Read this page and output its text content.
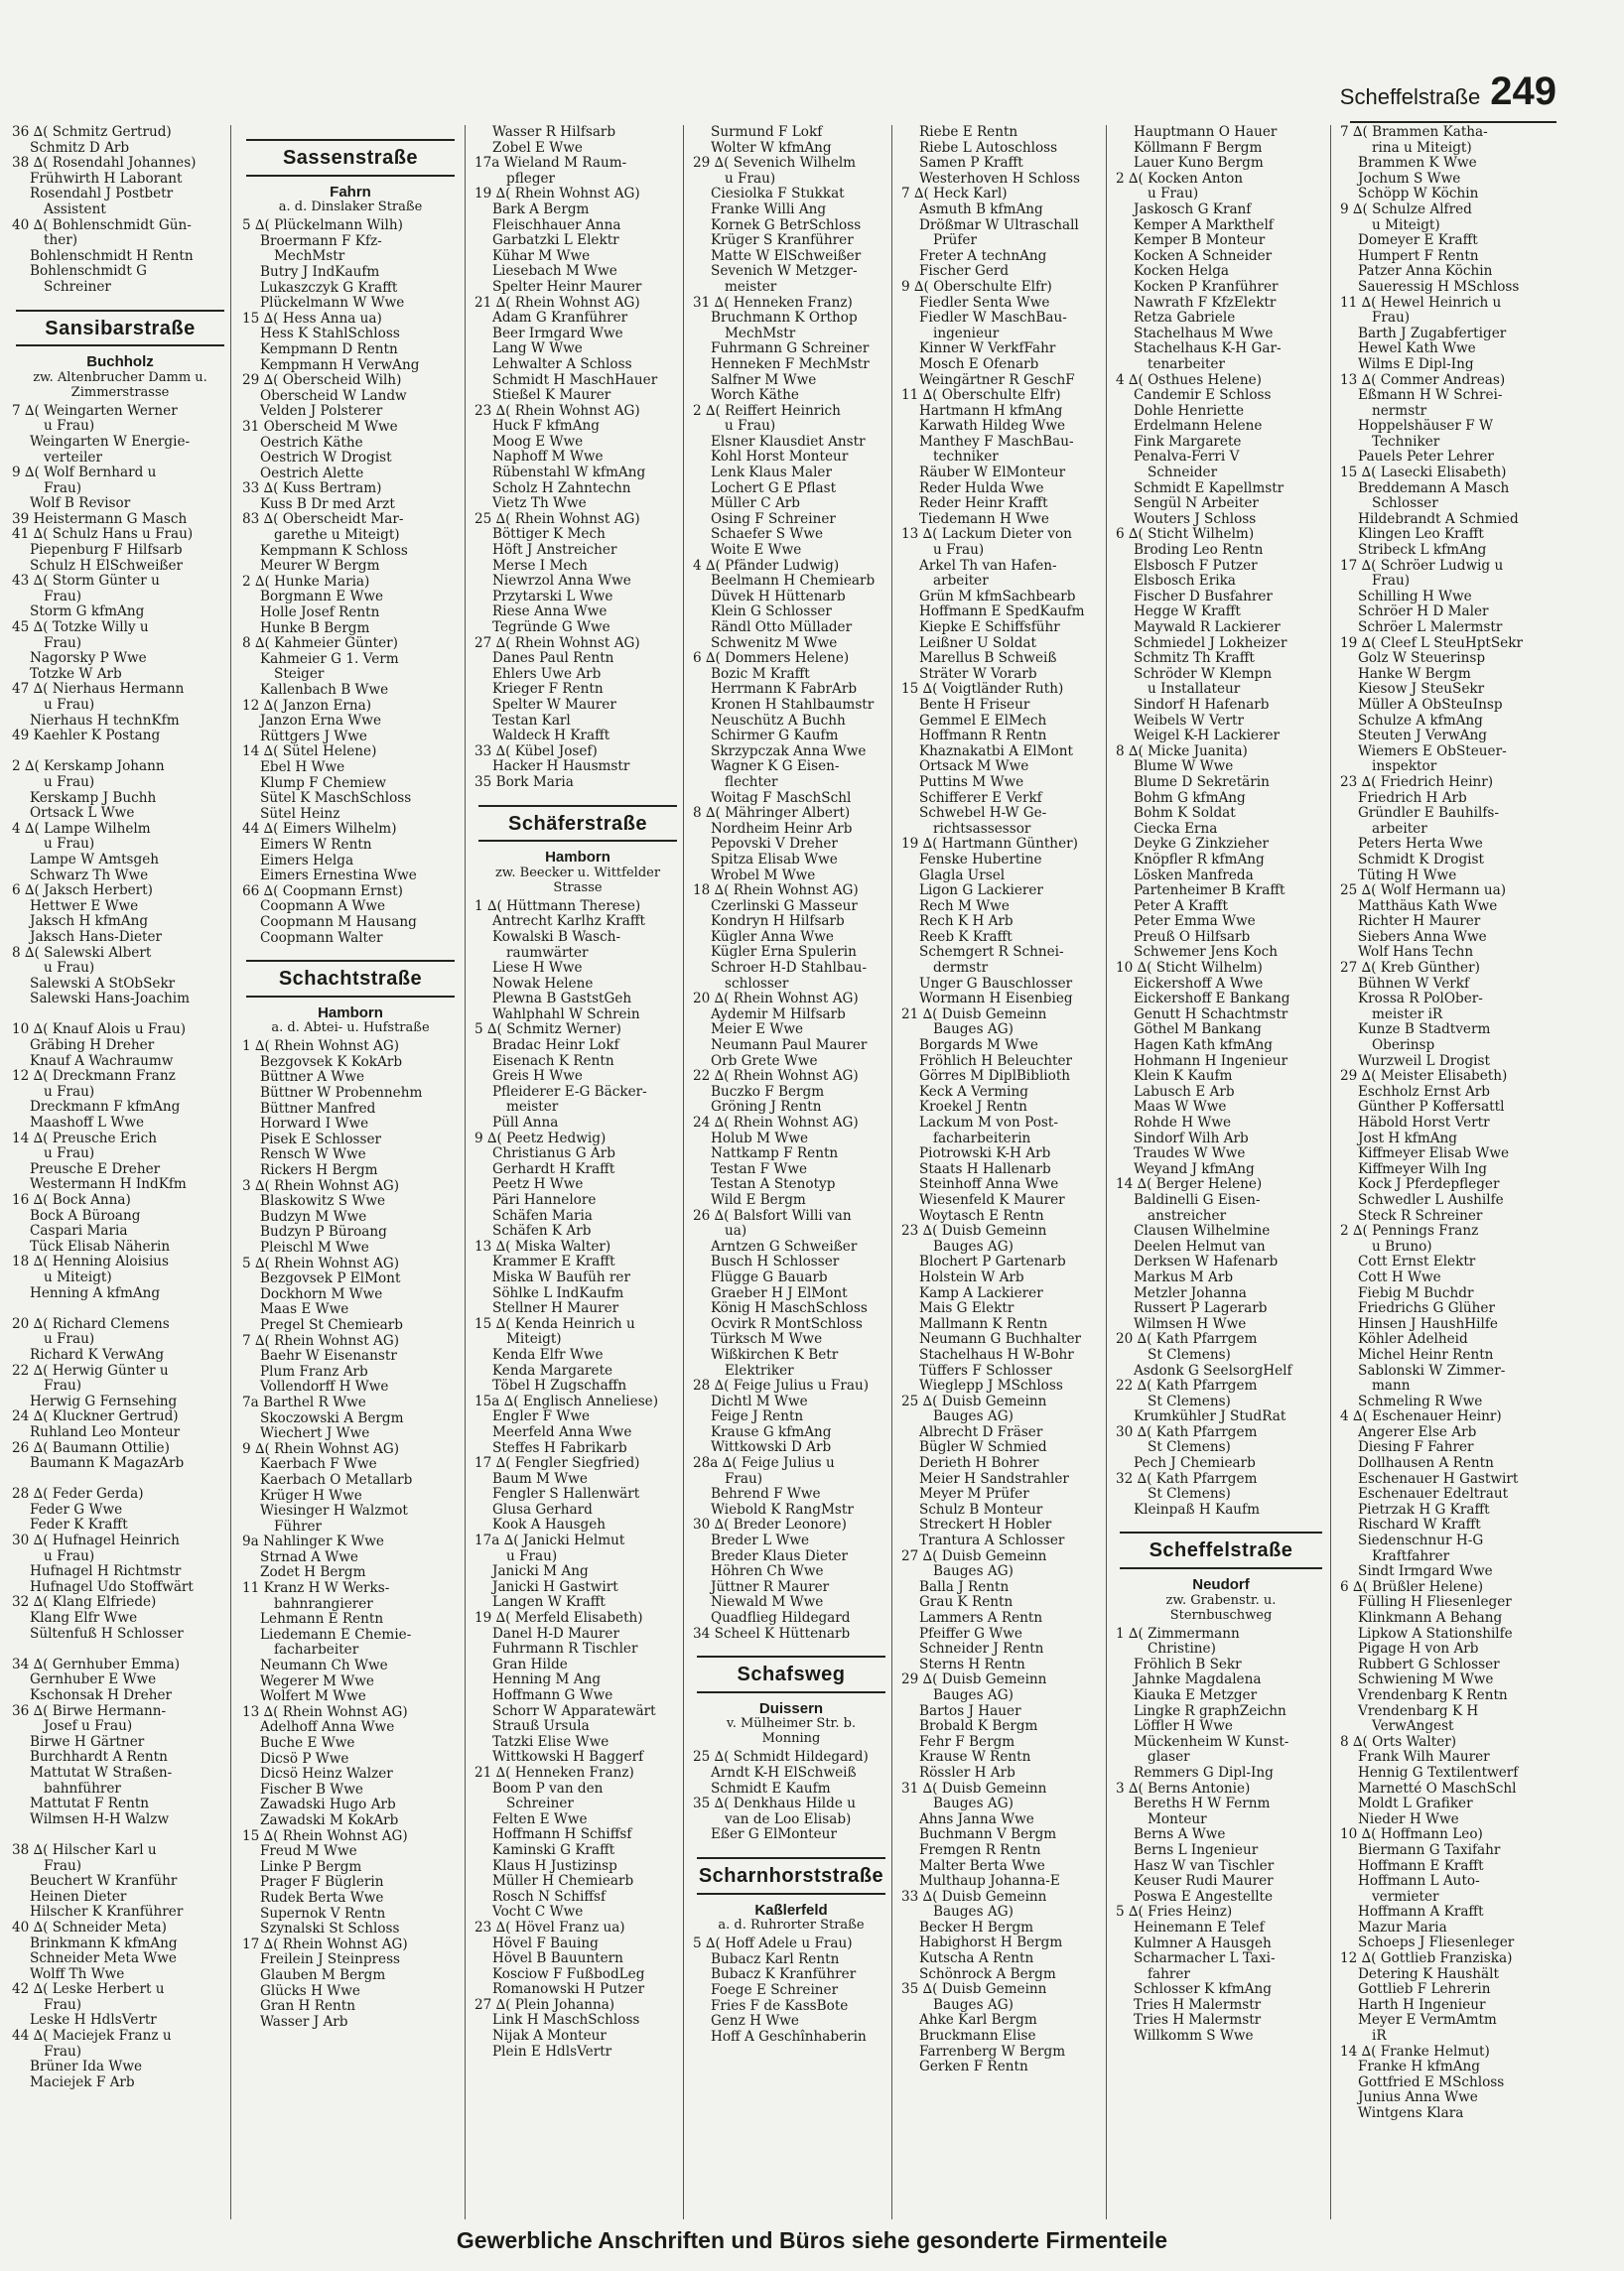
Scheffelstraße 249

36 ∆( Schmitz Gertrud)

Schmitz D Arb

38 ∆( Rosendahl Johannes)

Frühwirth H Laborant

Rosendahl J Postbetr

Assistent

40 ∆( Bohlenschmidt Gün-

ther)

Bohlenschmidt H Rentn

Bohlenschmidt G

Schreiner

Sansibarstraße
Buchholz
zw. Altenbrucher Damm u.
Zimmerstrasse

7 ∆( Weingarten Werner

u Frau)

Weingarten W Energie-

verteiler

9 ∆( Wolf Bernhard u

Frau)

Wolf B Revisor

39 Heistermann G Masch

41 ∆( Schulz Hans u Frau)

Piepenburg F Hilfsarb

Schulz H ElSchweißer

43 ∆( Storm Günter u

Frau)

Storm G kfmAng

45 ∆( Totzke Willy u

Frau)

Nagorsky P Wwe

Totzke W Arb

47 ∆( Nierhaus Hermann

u Frau)

Nierhaus H technKfm

49 Kaehler K Postang

2 ∆( Kerskamp Johann

u Frau)

Kerskamp J Buchh

Ortsack L Wwe

4 ∆( Lampe Wilhelm

u Frau)

Lampe W Amtsgeh

Schwarz Th Wwe

6 ∆( Jaksch Herbert)

Hettwer E Wwe

Jaksch H kfmAng

Jaksch Hans-Dieter

8 ∆( Salewski Albert

u Frau)

Salewski A StObSekr

Salewski Hans-Joachim

10 ∆( Knauf Alois u Frau)

Gräbing H Dreher

Knauf A Wachraumw

12 ∆( Dreckmann Franz

u Frau)

Dreckmann F kfmAng

Maashoff L Wwe

14 ∆( Preusche Erich

u Frau)

Preusche E Dreher

Westermann H IndKfm

16 ∆( Bock Anna)

Bock A Büroang

Caspari Maria

Tück Elisab Näherin

18 ∆( Henning Aloisius

u Miteigt)

Henning A kfmAng

20 ∆( Richard Clemens

u Frau)

Richard K VerwAng

22 ∆( Herwig Günter u

Frau)

Herwig G Fernsehing

24 ∆( Kluckner Gertrud)

Ruhland Leo Monteur

26 ∆( Baumann Ottilie)

Baumann K MagazArb

28 ∆( Feder Gerda)

Feder G Wwe

Feder K Krafft

30 ∆( Hufnagel Heinrich

u Frau)

Hufnagel H Richtmstr

Hufnagel Udo Stoffwärt

32 ∆( Klang Elfriede)

Klang Elfr Wwe

Sültenfuß H Schlosser

34 ∆( Gernhuber Emma)

Gernhuber E Wwe

Kschonsak H Dreher

36 ∆( Birwe Hermann-

Josef u Frau)

Birwe H Gärtner

Burchhardt A Rentn

Mattutat W Straßen-

bahnführer

Mattutat F Rentn

Wilmsen H-H Walzw

38 ∆( Hilscher Karl u

Frau)

Beuchert W Kranführ

Heinen Dieter

Hilscher K Kranführer

40 ∆( Schneider Meta)

Brinkmann K kfmAng

Schneider Meta Wwe

Wolff Th Wwe

42 ∆( Leske Herbert u

Frau)

Leske H HdlsVertr

44 ∆( Maciejek Franz u

Frau)

Brüner Ida Wwe

Maciejek F Arb

Sassenstraße
Fahrn
a. d. Dinslaker Straße

5 ∆( Plückelmann Wilh)

Broermann F Kfz-

MechMstr

Butry J IndKaufm

Lukaszczyk G Krafft

Plückelmann W Wwe

15 ∆( Hess Anna ua)

Hess K StahlSchloss

Kempmann D Rentn

Kempmann H VerwAng

29 ∆( Oberscheid Wilh)

Oberscheid W Landw

Velden J Polsterer

31 Oberscheid M Wwe

Oestrich Käthe

Oestrich W Drogist

Oestrich Alette

33 ∆( Kuss Bertram)

Kuss B Dr med Arzt

83 ∆( Oberscheidt Mar-

garethe u Miteigt)

Kempmann K Schloss

Meurer W Bergm

2 ∆( Hunke Maria)

Borgmann E Wwe

Holle Josef Rentn

Hunke B Bergm

8 ∆( Kahmeier Günter)

Kahmeier G 1. Verm

Steiger

Kallenbach B Wwe

12 ∆( Janzon Erna)

Janzon Erna Wwe

Rüttgers J Wwe

14 ∆( Sütel Helene)

Ebel H Wwe

Klump F Chemiew

Sütel K MaschSchloss

Sütel Heinz

44 ∆( Eimers Wilhelm)

Eimers W Rentn

Eimers Helga

Eimers Ernestina Wwe

66 ∆( Coopmann Ernst)

Coopmann A Wwe

Coopmann M Hausang

Coopmann Walter

Schachtstraße
Hamborn
a. d. Abtei- u. Hufstraße

1 ∆( Rhein Wohnst AG)

Bezgovsek K KokArb

Büttner A Wwe

Büttner W Probennehm

Büttner Manfred

Horward I Wwe

Pisek E Schlosser

Rensch W Wwe

Rickers H Bergm

3 ∆( Rhein Wohnst AG)

Blaskowitz S Wwe

Budzyn M Wwe

Budzyn P Büroang

Pleischl M Wwe

5 ∆( Rhein Wohnst AG)

Bezgovsek P ElMont

Dockhorn M Wwe

Maas E Wwe

Pregel St Chemiearb

7 ∆( Rhein Wohnst AG)

Baehr W Eisenanstr

Plum Franz Arb

Vollendorff H Wwe

7a Barthel R Wwe

Skoczowski A Bergm

Wiechert J Wwe

9 ∆( Rhein Wohnst AG)

Kaerbach F Wwe

Kaerbach O Metallarb

Krüger H Wwe

Wiesinger H Walzmot

Führer

9a Nahlinger K Wwe

Strnad A Wwe

Zodet H Bergm

11 Kranz H W Werks-

bahnrangierer

Lehmann E Rentn

Liedemann E Chemie-

facharbeiter

Neumann Ch Wwe

Wegerer M Wwe

Wolfert M Wwe

13 ∆( Rhein Wohnst AG)

Adelhoff Anna Wwe

Buche E Wwe

Dicsö P Wwe

Dicsö Heinz Walzer

Fischer B Wwe

Zawadski Hugo Arb

Zawadski M KokArb

15 ∆( Rhein Wohnst AG)

Freud M Wwe

Linke P Bergm

Prager F Büglerin

Rudek Berta Wwe

Supernok V Rentn

Szynalski St Schloss

17 ∆( Rhein Wohnst AG)

Freilein J Steinpress

Glauben M Bergm

Glücks H Wwe

Gran H Rentn

Wasser J Arb

Wasser R Hilfsarb

Zobel E Wwe

17a Wieland M Raum-

pfleger

19 ∆( Rhein Wohnst AG)

Bark A Bergm

Fleischhauer Anna

Garbatzki L Elektr

Kühar M Wwe

Liesebach M Wwe

Spelter Heinr Maurer

21 ∆( Rhein Wohnst AG)

Adam G Kranführer

Beer Irmgard Wwe

Lang W Wwe

Lehwalter A Schloss

Schmidt H MaschHauer

Stießel K Maurer

23 ∆( Rhein Wohnst AG)

Huck F kfmAng

Moog E Wwe

Naphoff M Wwe

Rübenstahl W kfmAng

Scholz H Zahntechn

Vietz Th Wwe

25 ∆( Rhein Wohnst AG)

Böttiger K Mech

Höft J Anstreicher

Merse I Mech

Niewrzol Anna Wwe

Przytarski L Wwe

Riese Anna Wwe

Tegründe G Wwe

27 ∆( Rhein Wohnst AG)

Danes Paul Rentn

Ehlers Uwe Arb

Krieger F Rentn

Spelter W Maurer

Testan Karl

Waldeck H Krafft

33 ∆( Kübel Josef)

Hacker H Hausmstr

35 Bork Maria

Schäferstraße
Hamborn
zw. Beecker u. Wittfelder
Strasse

1 ∆( Hüttmann Therese)

Antrecht Karlhz Krafft

Kowalski B Wasch-

raumwärter

Liese H Wwe

Nowak Helene

Plewna B GaststGeh

Wahlphahl W Schrein

5 ∆( Schmitz Werner)

Bradac Heinr Lokf

Eisenach K Rentn

Greis H Wwe

Pfleiderer E-G Bäcker-

meister

Püll Anna

9 ∆( Peetz Hedwig)

Christianus G Arb

Gerhardt H Krafft

Peetz H Wwe

Päri Hannelore

Schäfen Maria

Schäfen K Arb

13 ∆( Miska Walter)

Krammer E Krafft

Miska W Baufüh rer

Söhlke L IndKaufm

Stellner H Maurer

15 ∆( Kenda Heinrich u

Miteigt)

Kenda Elfr Wwe

Kenda Margarete

Töbel H Zugschaffn

15a ∆( Englisch Anneliese)

Engler F Wwe

Meerfeld Anna Wwe

Steffes H Fabrikarb

17 ∆( Fengler Siegfried)

Baum M Wwe

Fengler S Hallenwärt

Glusa Gerhard

Kook A Hausgeh

17a ∆( Janicki Helmut

u Frau)

Janicki M Ang

Janicki H Gastwirt

Langen W Krafft

19 ∆( Merfeld Elisabeth)

Danel H-D Maurer

Fuhrmann R Tischler

Gran Hilde

Henning M Ang

Hoffmann G Wwe

Schorr W Apparatewärt

Strauß Ursula

Tatzki Elise Wwe

Wittkowski H Baggerf

21 ∆( Henneken Franz)

Boom P van den

Schreiner

Felten E Wwe

Hoffmann H Schiffsf

Kaminski G Krafft

Klaus H Justizinsp

Müller H Chemiearb

Rosch N Schiffsf

Vocht C Wwe

23 ∆( Hövel Franz ua)

Hövel F Bauing

Hövel B Bauuntern

Kosciow F FußbodLeg

Romanowski H Putzer

27 ∆( Plein Johanna)

Link H MaschSchloss

Nijak A Monteur

Plein E HdlsVertr

Surmund F Lokf

Wolter W kfmAng

29 ∆( Sevenich Wilhelm

u Frau)

Ciesiolka F Stukkat

Franke Willi Ang

Kornek G BetrSchloss

Krüger S Kranführer

Matte W ElSchweißer

Sevenich W Metzger-

meister

31 ∆( Henneken Franz)

Bruchmann K Orthop

MechMstr

Fuhrmann G Schreiner

Henneken F MechMstr

Salfner M Wwe

Worch Käthe

2 ∆( Reiffert Heinrich

u Frau)

Elsner Klausdiet Anstr

Kohl Horst Monteur

Lenk Klaus Maler

Lochert G E Pflast

Müller C Arb

Osing F Schreiner

Schaefer S Wwe

Woite E Wwe

4 ∆( Pfänder Ludwig)

Beelmann H Chemiearb

Düvek H Hüttenarb

Klein G Schlosser

Rändl Otto Müllader

Schwenitz M Wwe

6 ∆( Dommers Helene)

Bozic M Krafft

Herrmann K FabrArb

Kronen H Stahlbaumstr

Neuschütz A Buchh

Schirmer G Kaufm

Skrzypczak Anna Wwe

Wagner K G Eisen-

flechter

Woitag F MaschSchl

8 ∆( Mähringer Albert)

Nordheim Heinr Arb

Pepovski V Dreher

Spitza Elisab Wwe

Wrobel M Wwe

18 ∆( Rhein Wohnst AG)

Czerlinski G Masseur

Kondryn H Hilfsarb

Kügler Anna Wwe

Kügler Erna Spulerin

Schroer H-D Stahlbau-

schlosser

20 ∆( Rhein Wohnst AG)

Aydemir M Hilfsarb

Meier E Wwe

Neumann Paul Maurer

Orb Grete Wwe

22 ∆( Rhein Wohnst AG)

Buczko F Bergm

Gröning J Rentn

24 ∆( Rhein Wohnst AG)

Holub M Wwe

Nattkamp F Rentn

Testan F Wwe

Testan A Stenotyp

Wild E Bergm

26 ∆( Balsfort Willi van

ua)

Arntzen G Schweißer

Busch H Schlosser

Flügge G Bauarb

Graeber H J ElMont

König H MaschSchloss

Ocvirk R MontSchloss

Türksch M Wwe

Wißkirchen K Betr

Elektriker

28 ∆( Feige Julius u Frau)

Dichtl M Wwe

Feige J Rentn

Krause G kfmAng

Wittkowski D Arb

28a ∆( Feige Julius u

Frau)

Behrend F Wwe

Wiebold K RangMstr

30 ∆( Breder Leonore)

Breder L Wwe

Breder Klaus Dieter

Höhren Ch Wwe

Jüttner R Maurer

Niewald M Wwe

Quadflieg Hildegard

34 Scheel K Hüttenarb

Schafsweg
Duissern
v. Mülheimer Str. b.
Monning

25 ∆( Schmidt Hildegard)

Arndt K-H ElSchweiß

Schmidt E Kaufm

35 ∆( Denkhaus Hilde u

van de Loo Elisab)

Eßer G ElMonteur

Scharnhorststraße
Kaßlerfeld
a. d. Ruhrorter Straße

5 ∆( Hoff Adele u Frau)

Bubacz Karl Rentn

Bubacz K Kranführer

Foege E Schreiner

Fries F de KassBote

Genz H Wwe

Hoff A Geschînhaberin

Riebe E Rentn

Riebe L Autoschloss

Samen P Krafft

Westerhoven H Schloss

7 ∆( Heck Karl)

Asmuth B kfmAng

Drößmar W Ultraschall

Prüfer

Freter A technAng

Fischer Gerd

9 ∆( Oberschulte Elfr)

Fiedler Senta Wwe

Fiedler W MaschBau-

ingenieur

Kinner W VerkfFahr

Mosch E Ofenarb

Weingärtner R GeschF

11 ∆( Oberschulte Elfr)

Hartmann H kfmAng

Karwath Hildeg Wwe

Manthey F MaschBau-

techniker

Räuber W ElMonteur

Reder Hulda Wwe

Reder Heinr Krafft

Tiedemann H Wwe

13 ∆( Lackum Dieter von

u Frau)

Arkel Th van Hafen-

arbeiter

Grün M kfmSachbearb

Hoffmann E SpedKaufm

Kiepke E Schiffsführ

Leißner U Soldat

Marellus B Schweiß

Sträter W Vorarb

15 ∆( Voigtländer Ruth)

Bente H Friseur

Gemmel E ElMech

Hoffmann R Rentn

Khaznakatbi A ElMont

Ortsack M Wwe

Puttins M Wwe

Schifferer E Verkf

Schwebel H-W Ge-

richtsassessor

19 ∆( Hartmann Günther)

Fenske Hubertine

Glagla Ursel

Ligon G Lackierer

Rech M Wwe

Rech K H Arb

Reeb K Krafft

Schemgert R Schnei-

dermstr

Unger G Bauschlosser

Wormann H Eisenbieg

21 ∆( Duisb Gemeinn

Bauges AG)

Borgards M Wwe

Fröhlich H Beleuchter

Görres M DiplBiblioth

Keck A Verming

Kroekel J Rentn

Lackum M von Post-

facharbeiterin

Piotrowski K-H Arb

Staats H Hallenarb

Steinhoff Anna Wwe

Wiesenfeld K Maurer

Woytasch E Rentn

23 ∆( Duisb Gemeinn

Bauges AG)

Blochert P Gartenarb

Holstein W Arb

Kamp A Lackierer

Mais G Elektr

Mallmann K Rentn

Neumann G Buchhalter

Stachelhaus H W-Bohr

Tüffers F Schlosser

Wieglepp J MSchloss

25 ∆( Duisb Gemeinn

Bauges AG)

Albrecht D Fräser

Bügler W Schmied

Derieth H Bohrer

Meier H Sandstrahler

Meyer M Prüfer

Schulz B Monteur

Streckert H Hobler

Trantura A Schlosser

27 ∆( Duisb Gemeinn

Bauges AG)

Balla J Rentn

Grau K Rentn

Lammers A Rentn

Pfeiffer G Wwe

Schneider J Rentn

Sterns H Rentn

29 ∆( Duisb Gemeinn

Bauges AG)

Bartos J Hauer

Brobald K Bergm

Fehr F Bergm

Krause W Rentn

Rössler H Arb

31 ∆( Duisb Gemeinn

Bauges AG)

Ahns Janna Wwe

Buchmann V Bergm

Fremgen R Rentn

Malter Berta Wwe

Multhaup Johanna-E

33 ∆( Duisb Gemeinn

Bauges AG)

Becker H Bergm

Habighorst H Bergm

Kutscha A Rentn

Schönrock A Bergm

35 ∆( Duisb Gemeinn

Bauges AG)

Ahke Karl Bergm

Bruckmann Elise

Farrenberg W Bergm

Gerken F Rentn

Hauptmann O Hauer

Köllmann F Bergm

Lauer Kuno Bergm

2 ∆( Kocken Anton

u Frau)

Jaskosch G Kranf

Kemper A Markthelf

Kemper B Monteur

Kocken A Schneider

Kocken Helga

Kocken P Kranführer

Nawrath F KfzElektr

Retza Gabriele

Stachelhaus M Wwe

Stachelhaus K-H Gar-

tenarbeiter

4 ∆( Osthues Helene)

Candemir E Schloss

Dohle Henriette

Erdelmann Helene

Fink Margarete

Penalva-Ferri V

Schneider

Schmidt E Kapellmstr

Sengül N Arbeiter

Wouters J Schloss

6 ∆( Sticht Wilhelm)

Broding Leo Rentn

Elsbosch F Putzer

Elsbosch Erika

Fischer D Busfahrer

Hegge W Krafft

Maywald R Lackierer

Schmiedel J Lokheizer

Schmitz Th Krafft

Schröder W Klempn

u Installateur

Sindorf H Hafenarb

Weibels W Vertr

Weigel K-H Lackierer

8 ∆( Micke Juanita)

Blume W Wwe

Blume D Sekretärin

Bohm G kfmAng

Bohm K Soldat

Ciecka Erna

Deyke G Zinkzieher

Knöpfler R kfmAng

Lösken Manfreda

Partenheimer B Krafft

Peter A Krafft

Peter Emma Wwe

Preuß O Hilfsarb

Schwemer Jens Koch

10 ∆( Sticht Wilhelm)

Eickershoff A Wwe

Eickershoff E Bankang

Genutt H Schachtmstr

Göthel M Bankang

Hagen Kath kfmAng

Hohmann H Ingenieur

Klein K Kaufm

Labusch E Arb

Maas W Wwe

Rohde H Wwe

Sindorf Wilh Arb

Traudes W Wwe

Weyand J kfmAng

14 ∆( Berger Helene)

Baldinelli G Eisen-

anstreicher

Clausen Wilhelmine

Deelen Helmut van

Derksen W Hafenarb

Markus M Arb

Metzler Johanna

Russert P Lagerarb

Wilmsen H Wwe

20 ∆( Kath Pfarrgem

St Clemens)

Asdonk G SeelsorgHelf

22 ∆( Kath Pfarrgem

St Clemens)

Krumkühler J StudRat

30 ∆( Kath Pfarrgem

St Clemens)

Pech J Chemiearb

32 ∆( Kath Pfarrgem

St Clemens)

Kleinpaß H Kaufm

Scheffelstraße
Neudorf
zw. Grabenstr. u.
Sternbuschweg

1 ∆( Zimmermann

Christine)

Fröhlich B Sekr

Jahnke Magdalena

Kiauka E Metzger

Lingke R graphZeichn

Löffler H Wwe

Mückenheim W Kunst-

glaser

Remmers G Dipl-Ing

3 ∆( Berns Antonie)

Bereths H W Fernm

Monteur

Berns A Wwe

Berns L Ingenieur

Hasz W van Tischler

Keuser Rudi Maurer

Poswa E Angestellte

5 ∆( Fries Heinz)

Heinemann E Telef

Kulmner A Hausgeh

Scharmacher L Taxi-

fahrer

Schlosser K kfmAng

Tries H Malermstr

Tries H Malermstr

Willkomm S Wwe

7 ∆( Brammen Katha-

rina u Miteigt)

Brammen K Wwe

Jochum S Wwe

Schöpp W Köchin

9 ∆( Schulze Alfred

u Miteigt)

Domeyer E Krafft

Humpert F Rentn

Patzer Anna Köchin

Saueressig H MSchloss

11 ∆( Hewel Heinrich u

Frau)

Barth J Zugabfertiger

Hewel Kath Wwe

Wilms E Dipl-Ing

13 ∆( Commer Andreas)

Eßmann H W Schrei-

nermstr

Hoppelshäuser F W

Techniker

Pauels Peter Lehrer

15 ∆( Lasecki Elisabeth)

Breddemann A Masch

Schlosser

Hildebrandt A Schmied

Klingen Leo Krafft

Stribeck L kfmAng

17 ∆( Schröer Ludwig u

Frau)

Schilling H Wwe

Schröer H D Maler

Schröer L Malermstr

19 ∆( Cleef L SteuHptSekr

Golz W Steuerinsp

Hanke W Bergm

Kiesow J SteuSekr

Müller A ObSteuInsp

Schulze A kfmAng

Steuten J VerwAng

Wiemers E ObSteuer-

inspektor

23 ∆( Friedrich Heinr)

Friedrich H Arb

Gründler E Bauhilfs-

arbeiter

Peters Herta Wwe

Schmidt K Drogist

Tüting H Wwe

25 ∆( Wolf Hermann ua)

Matthäus Kath Wwe

Richter H Maurer

Siebers Anna Wwe

Wolf Hans Techn

27 ∆( Kreb Günther)

Bühnen W Verkf

Krossa R PolOber-

meister iR

Kunze B Stadtverm

Oberinsp

Wurzweil L Drogist

29 ∆( Meister Elisabeth)

Eschholz Ernst Arb

Günther P Koffersattl

Häbold Horst Vertr

Jost H kfmAng

Kiffmeyer Elisab Wwe

Kiffmeyer Wilh Ing

Kock J Pferdepfleger

Schwedler L Aushilfe

Steck R Schreiner

2 ∆( Pennings Franz

u Bruno)

Cott Ernst Elektr

Cott H Wwe

Fiebig M Buchdr

Friedrichs G Glüher

Hinsen J HaushHilfe

Köhler Adelheid

Michel Heinr Rentn

Sablonski W Zimmer-

mann

Schmeling R Wwe

4 ∆( Eschenauer Heinr)

Angerer Else Arb

Diesing F Fahrer

Dollhausen A Rentn

Eschenauer H Gastwirt

Eschenauer Edeltraut

Pietrzak H G Krafft

Rischard W Krafft

Siedenschnur H-G

Kraftfahrer

Sindt Irmgard Wwe

6 ∆( Brüßler Helene)

Fülling H Fliesenleger

Klinkmann A Behang

Lipkow A Stationshilfe

Pigage H von Arb

Rubbert G Schlosser

Schwiening M Wwe

Vrendenbarg K Rentn

Vrendenbarg K H

VerwAngest

8 ∆( Orts Walter)

Frank Wilh Maurer

Hennig G Textilentwerf

Marnetté O MaschSchl

Moldt L Grafiker

Nieder H Wwe

10 ∆( Hoffmann Leo)

Biermann G Taxifahr

Hoffmann E Krafft

Hoffmann L Auto-

vermieter

Hoffmann A Krafft

Mazur Maria

Schoeps J Fliesenleger

12 ∆( Gottlieb Franziska)

Detering K Haushält

Gottlieb F Lehrerin

Harth H Ingenieur

Meyer E VermAmtm

iR

14 ∆( Franke Helmut)

Franke H kfmAng

Gottfried E MSchloss

Junius Anna Wwe

Wintgens Klara

Gewerbliche Anschriften und Büros siehe gesonderte Firmenteile
